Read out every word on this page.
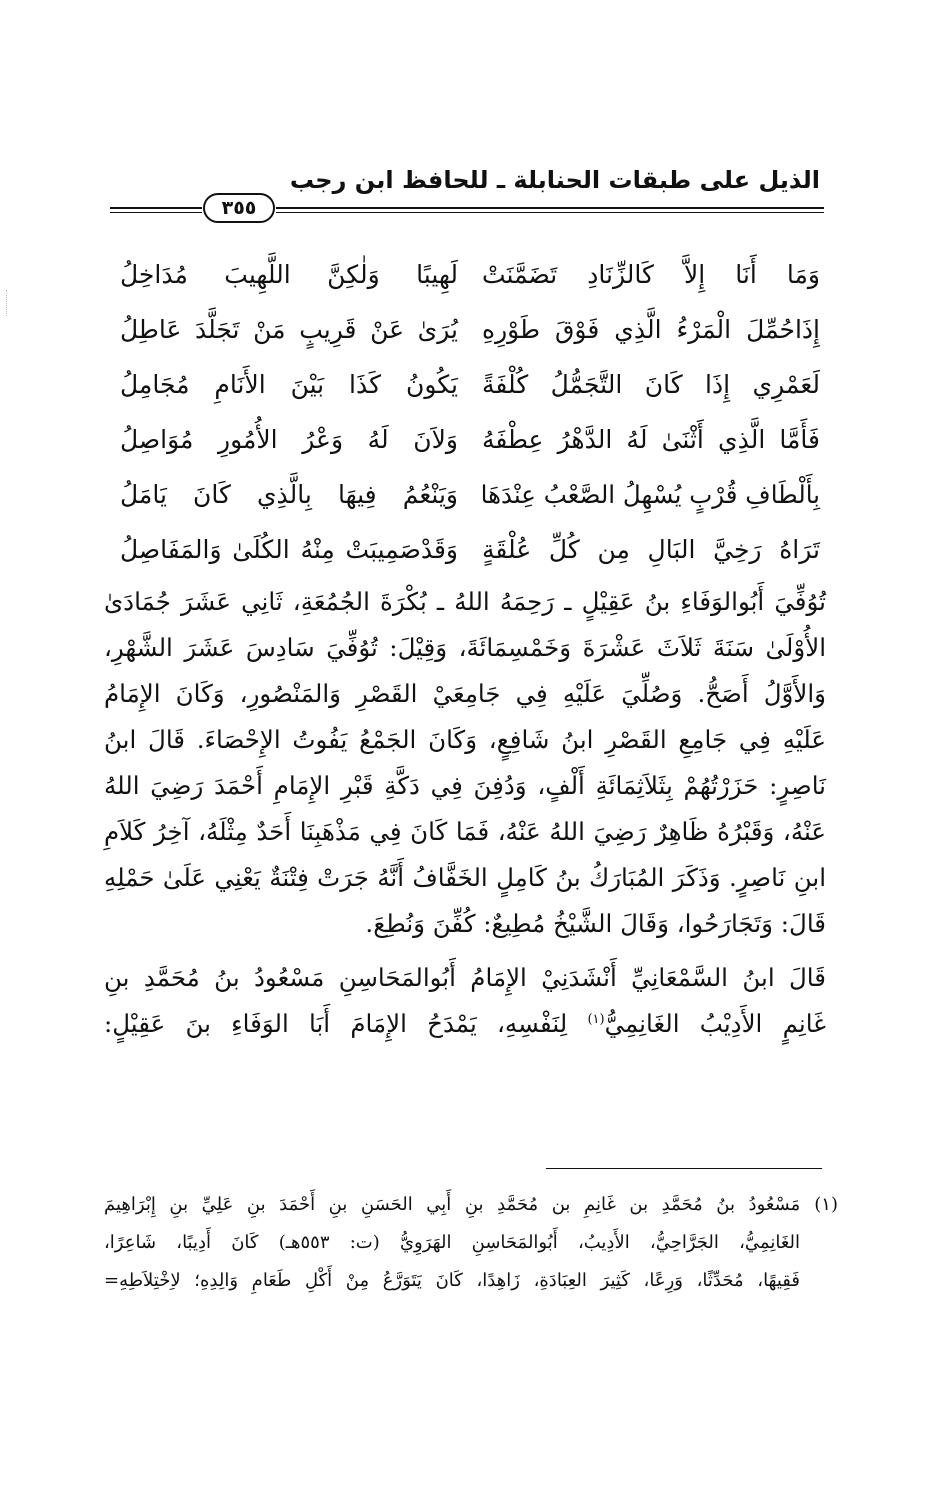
الذيل على طبقات الحنابلة ـ للحافظ ابن رجب
٣٥٥
وَمَا أَنَا إِلاَّ كَالزِّنَادِ تَضَمَّنَتْ
لَهِيبًا وَلٰكِنَّ اللَّهِيبَ مُدَاخِلُ
إِذَاحُمِّلَ الْمَرْءُ الَّذِي فَوْقَ طَوْرِهِ
يُرَىٰ عَنْ قَرِيبٍ مَنْ تَجَلَّدَ عَاطِلُ
لَعَمْرِي إِذَا كَانَ التَّجَمُّلُ كُلْفَةً
يَكُونُ كَذَا بَيْنَ الأَنَامِ مُجَامِلُ
فَأَمَّا الَّذِي أَثْنَىٰ لَهُ الدَّهْرُ عِطْفَهُ
وَلاَنَ لَهُ وَعْرُ الأُمُورِ مُوَاصِلُ
بِأَلْطَافِ قُرْبٍ يُسْهِلُ الصَّعْبُ عِنْدَهَا
وَيَنْعُمُ فِيهَا بِالَّذِي كَانَ يَامَلُ
تَرَاهُ رَخِيَّ البَالِ مِن كُلِّ عُلْقَةٍ
وَقَدْصَمِيبَتْ مِنْهُ الكُلَىٰ وَالمَفَاصِلُ
تُوُفِّيَ أَبُوالوَفَاءِ بنُ عَقِيْلٍ ـ رَحِمَهُ اللهُ ـ بُكْرَةَ الجُمُعَةِ، ثَانِي عَشَرَ جُمَادَىٰ
الأُوْلَىٰ سَنَةَ ثَلاَثَ عَشْرَةَ وَخَمْسِمَائَةَ، وَقِيْلَ: تُوُفِّيَ سَادِسَ عَشَرَ الشَّهْرِ،
وَالأَوَّلُ أَصَحُّ. وَصُلِّيَ عَلَيْهِ فِي جَامِعَيْ القَصْرِ وَالمَنْصُورِ، وَكَانَ الإِمَامُ
عَلَيْهِ فِي جَامِعِ القَصْرِ ابنُ شَافِعٍ، وَكَانَ الجَمْعُ يَفُوتُ الإِحْصَاءَ. قَالَ ابنُ
نَاصِرٍ: حَزَرْتُهُمْ بِثَلاَثِمَائَةِ أَلْفٍ، وَدُفِنَ فِي دَكَّةِ قَبْرِ الإِمَامِ أَحْمَدَ رَضِيَ اللهُ
عَنْهُ، وَقَبْرُهُ ظَاهِرٌ رَضِيَ اللهُ عَنْهُ، فَمَا كَانَ فِي مَذْهَبِنَا أَحَدٌ مِثْلَهُ، آخِرُ كَلاَمِ
ابنِ نَاصِرٍ. وَذَكَرَ المُبَارَكُ بنُ كَامِلٍ الخَفَّافُ أَنَّهُ جَرَتْ فِتْنَةٌ يَعْنِي عَلَىٰ حَمْلِهِ
قَالَ: وَتَجَارَحُوا، وَقَالَ الشَّيْخُ مُطِيعٌ: كُفِّنَ وَنُطِعَ.
قَالَ ابنُ السَّمْعَانِيِّ أَنْشَدَنِيْ الإِمَامُ أَبُوالمَحَاسِنِ مَسْعُودُ بنُ مُحَمَّدِ بنِ
غَانِمٍ الأَدِيْبُ الغَانِمِيُّ$^{(١)}$ لِنَفْسِهِ، يَمْدَحُ الإِمَامَ أَبَا الوَفَاءِ بنَ عَقِيْلٍ:
(١)مَسْعُودُ بنُ مُحَمَّدِ بن غَانِمِ بن مُحَمَّدِ بنِ أَبِي الحَسَنِ بنِ أَحْمَدَ بنِ عَلِيِّ بنِ إِبْرَاهِيمَ
الغَانِمِيُّ، الجَرَّاحِيُّ، الأَدِيبُ، أَبُوالمَحَاسِنِ الهَرَوِيُّ (ت: ٥٥٣هـ) كَانَ أَدِيبًا، شَاعِرًا،
فَقِيهًا، مُحَدِّثًا، وَرِعًا، كَثِيرَ العِبَادَةِ، زَاهِدًا، كَانَ يَتَوَرَّعُ مِنْ أَكْلِ طَعَامِ وَالِدِهِ؛ لاِخْتِلاَطِهِ=
